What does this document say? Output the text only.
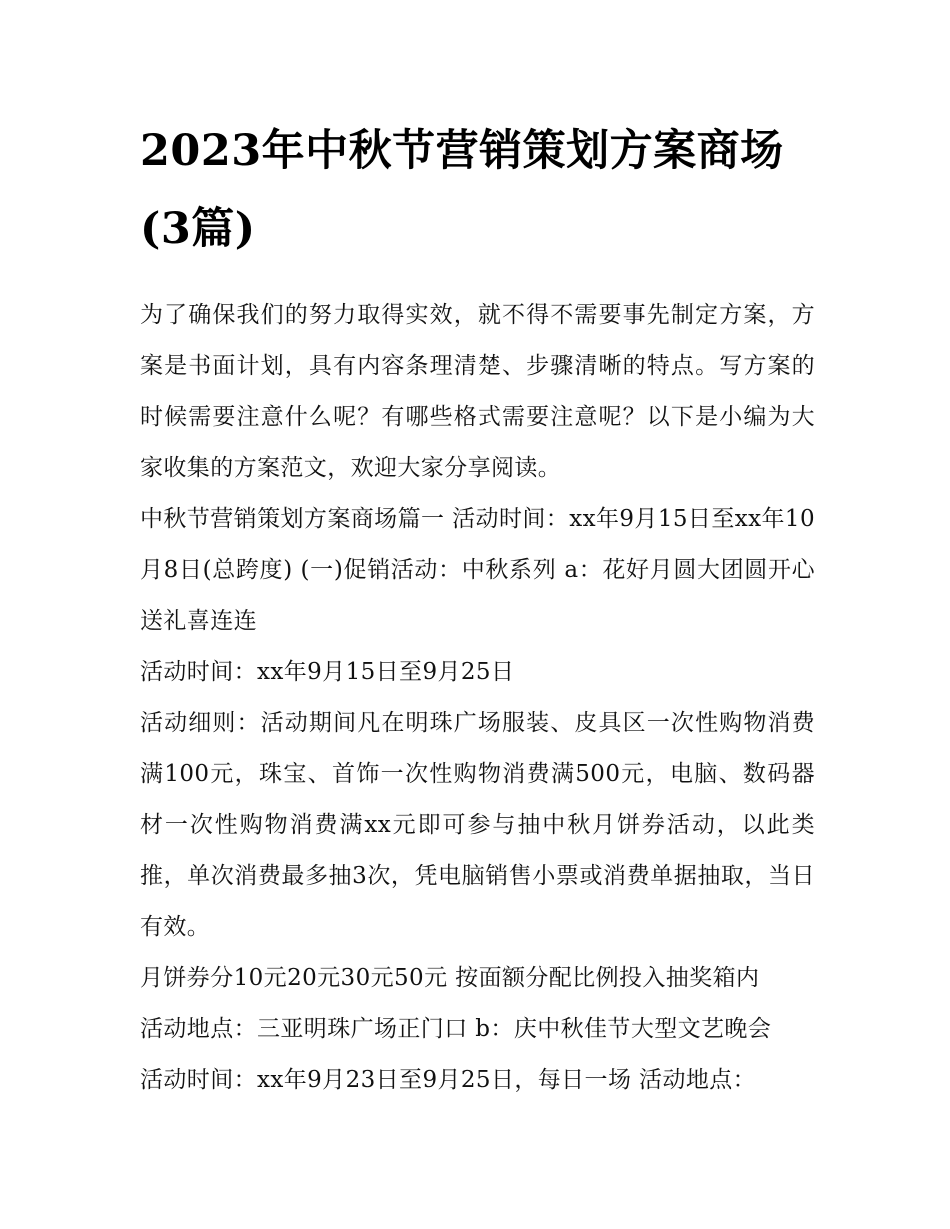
2023年中秋节营销策划方案商场(3篇)

为了确保我们的努力取得实效，就不得不需要事先制定方案，方案是书面计划，具有内容条理清楚、步骤清晰的特点。写方案的时候需要注意什么呢？有哪些格式需要注意呢？以下是小编为大家收集的方案范文，欢迎大家分享阅读。

中秋节营销策划方案商场篇一 活动时间：xx年9月15日至xx年10月8日(总跨度) (一)促销活动：中秋系列 a：花好月圆大团圆开心送礼喜连连

活动时间：xx年9月15日至9月25日

活动细则：活动期间凡在明珠广场服装、皮具区一次性购物消费满100元，珠宝、首饰一次性购物消费满500元，电脑、数码器材一次性购物消费满xx元即可参与抽中秋月饼券活动，以此类推，单次消费最多抽3次，凭电脑销售小票或消费单据抽取，当日有效。

月饼券分10元20元30元50元 按面额分配比例投入抽奖箱内

活动地点：三亚明珠广场正门口 b：庆中秋佳节大型文艺晚会

活动时间：xx年9月23日至9月25日，每日一场 活动地点：
